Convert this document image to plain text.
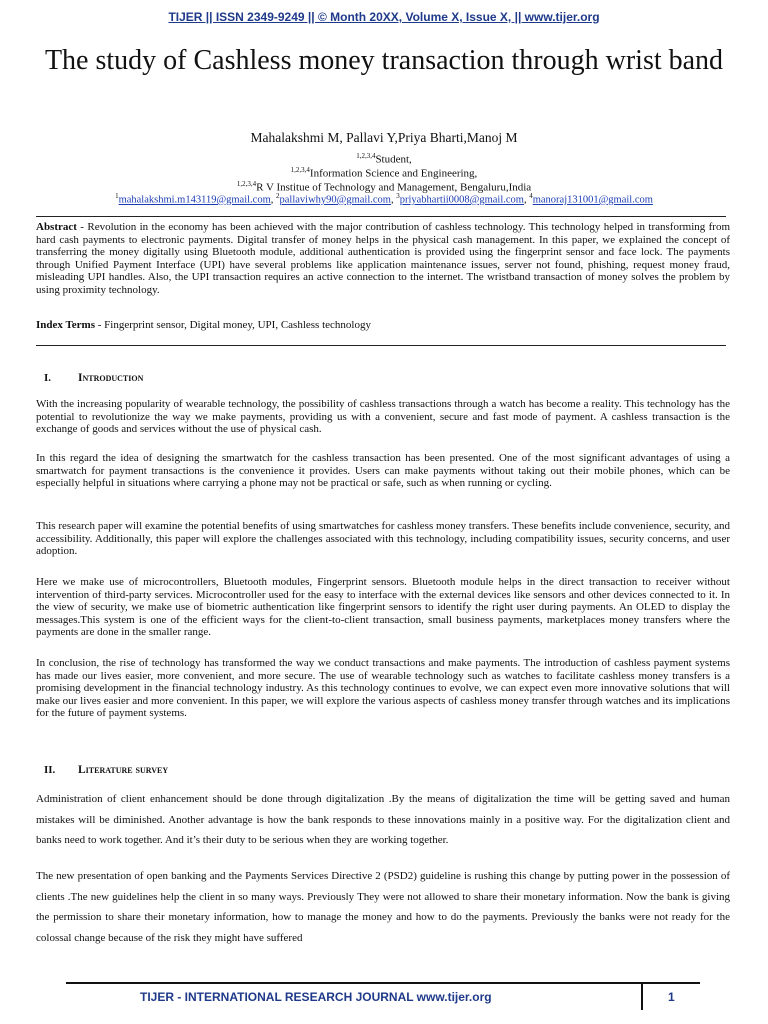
TIJER || ISSN 2349-9249 || © Month 20XX, Volume X, Issue X, || www.tijer.org
The study of Cashless money transaction through wrist band
Mahalakshmi M, Pallavi Y,Priya Bharti,Manoj M
$^{1,2,3,4}$Student,
$^{1,2,3,4}$Information Science and Engineering,
$^{1,2,3,4}$R V Institue of Technology and Management, Bengaluru,India
$^1$mahalakshmi.m143119@gmail.com, $^2$pallaviwhy90@gmail.com, $^3$priyabhartii0008@gmail.com, $^4$manoraj131001@gmail.com

Abstract - Revolution in the economy has been achieved with the major contribution of cashless technology. This technology helped in transforming from hard cash payments to electronic payments. Digital transfer of money helps in the physical cash management. In this paper, we explained the concept of transferring the money digitally using Bluetooth module, additional authentication is provided using the fingerprint sensor and face lock. The payments through Unified Payment Interface (UPI) have several problems like application maintenance issues, server not found, phishing, request money fraud, misleading UPI handles. Also, the UPI transaction requires an active connection to the internet. The wristband transaction of money solves the problem by using proximity technology.

Index Terms - Fingerprint sensor, Digital money, UPI, Cashless technology

I. Introduction

With the increasing popularity of wearable technology, the possibility of cashless transactions through a watch has become a reality. This technology has the potential to revolutionize the way we make payments, providing us with a convenient, secure and fast mode of payment. A cashless transaction is the exchange of goods and services without the use of physical cash.

In this regard the idea of designing the smartwatch for the cashless transaction has been presented. One of the most significant advantages of using a smartwatch for payment transactions is the convenience it provides. Users can make payments without taking out their mobile phones, which can be especially helpful in situations where carrying a phone may not be practical or safe, such as when running or cycling.

This research paper will examine the potential benefits of using smartwatches for cashless money transfers. These benefits include convenience, security, and accessibility. Additionally, this paper will explore the challenges associated with this technology, including compatibility issues, security concerns, and user adoption.

Here we make use of microcontrollers, Bluetooth modules, Fingerprint sensors. Bluetooth module helps in the direct transaction to receiver without intervention of third-party services. Microcontroller used for the easy to interface with the external devices like sensors and other devices connected to it. In the view of security, we make use of biometric authentication like fingerprint sensors to identify the right user during payments. An OLED to display the messages.This system is one of the efficient ways for the client-to-client transaction, small business payments, marketplaces money transfers where the payments are done in the smaller range.

In conclusion, the rise of technology has transformed the way we conduct transactions and make payments. The introduction of cashless payment systems has made our lives easier, more convenient, and more secure. The use of wearable technology such as watches to facilitate cashless money transfers is a promising development in the financial technology industry. As this technology continues to evolve, we can expect even more innovative solutions that will make our lives easier and more convenient. In this paper, we will explore the various aspects of cashless money transfer through watches and its implications for the future of payment systems.

II. Literature survey

Administration of client enhancement should be done through digitalization .By the means of digitalization the time will be getting saved and human mistakes will be diminished. Another advantage is how the bank responds to these innovations mainly in a positive way. For the digitalization client and banks need to work together. And it’s their duty to be serious when they are working together.

The new presentation of open banking and the Payments Services Directive 2 (PSD2) guideline is rushing this change by putting power in the possession of clients .The new guidelines help the client in so many ways. Previously They were not allowed to share their monetary information. Now the bank is giving the permission to share their monetary information, how to manage the money and how to do the payments. Previously the banks were not ready for the colossal change because of the risk they might have suffered

TIJER - INTERNATIONAL RESEARCH JOURNAL www.tijer.org	1
